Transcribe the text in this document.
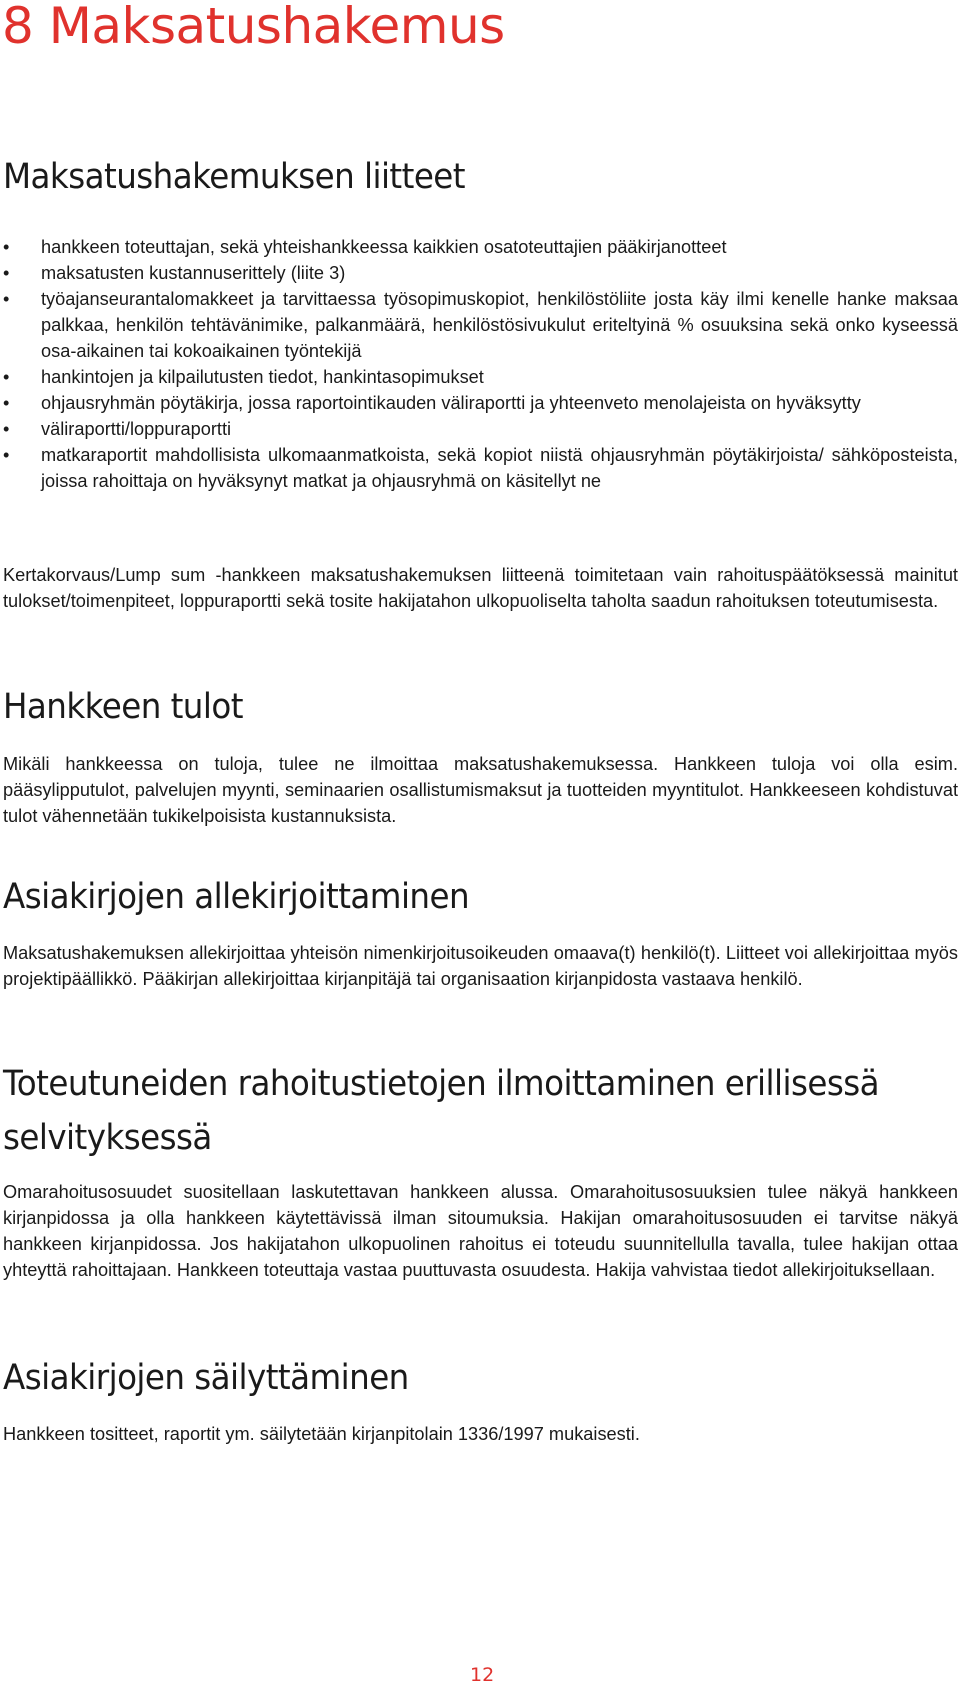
8 Maksatushakemus
Maksatushakemuksen liitteet
• hankkeen toteuttajan, sekä yhteishankkeessa kaikkien osatoteuttajien pääkirjanotteet
• maksatusten kustannuserittely (liite 3)
• työajanseurantalomakkeet ja tarvittaessa työsopimuskopiot, henkilöstöliite josta käy ilmi kenelle hanke maksaa palkkaa, henkilön tehtävänimike, palkanmäärä, henkilöstösivukulut eriteltyinä % osuuksina sekä onko kyseessä osa-aikainen tai kokoaikainen työntekijä
• hankintojen ja kilpailutusten tiedot, hankintasopimukset
• ohjausryhmän pöytäkirja, jossa raportointikauden väliraportti ja yhteenveto menolajeista on hyväksytty
• väliraportti/loppuraportti
• matkaraportit mahdollisista ulkomaanmatkoista, sekä kopiot niistä ohjausryhmän pöytäkirjoista/ sähköposteista, joissa rahoittaja on hyväksynyt matkat ja ohjausryhmä on käsitellyt ne

Kertakorvaus/Lump sum -hankkeen maksatushakemuksen liitteenä toimitetaan vain rahoituspäätöksessä mainitut tulokset/toimenpiteet, loppuraportti sekä tosite hakijatahon ulkopuoliselta taholta saadun rahoituksen toteutumisesta.

Hankkeen tulot

Mikäli hankkeessa on tuloja, tulee ne ilmoittaa maksatushakemuksessa. Hankkeen tuloja voi olla esim. pääsylipputulot, palvelujen myynti, seminaarien osallistumismaksut ja tuotteiden myyntitulot. Hankkeeseen kohdistuvat tulot vähennetään tukikelpoisista kustannuksista.

Asiakirjojen allekirjoittaminen

Maksatushakemuksen allekirjoittaa yhteisön nimenkirjoitusoikeuden omaava(t) henkilö(t). Liitteet voi allekirjoittaa myös projektipäällikkö. Pääkirjan allekirjoittaa kirjanpitäjä tai organisaation kirjanpidosta vastaava henkilö.

Toteutuneiden rahoitustietojen ilmoittaminen erillisessä selvityksessä

Omarahoitusosuudet suositellaan laskutettavan hankkeen alussa. Omarahoitusosuuksien tulee näkyä hankkeen kirjanpidossa ja olla hankkeen käytettävissä ilman sitoumuksia. Hakijan omarahoitusosuuden ei tarvitse näkyä hankkeen kirjanpidossa. Jos hakijatahon ulkopuolinen rahoitus ei toteudu suunnitellulla tavalla, tulee hakijan ottaa yhteyttä rahoittajaan. Hankkeen toteuttaja vastaa puuttuvasta osuudesta. Hakija vahvistaa tiedot allekirjoituksellaan.

Asiakirjojen säilyttäminen

Hankkeen tositteet, raportit ym. säilytetään kirjanpitolain 1336/1997 mukaisesti.

12
